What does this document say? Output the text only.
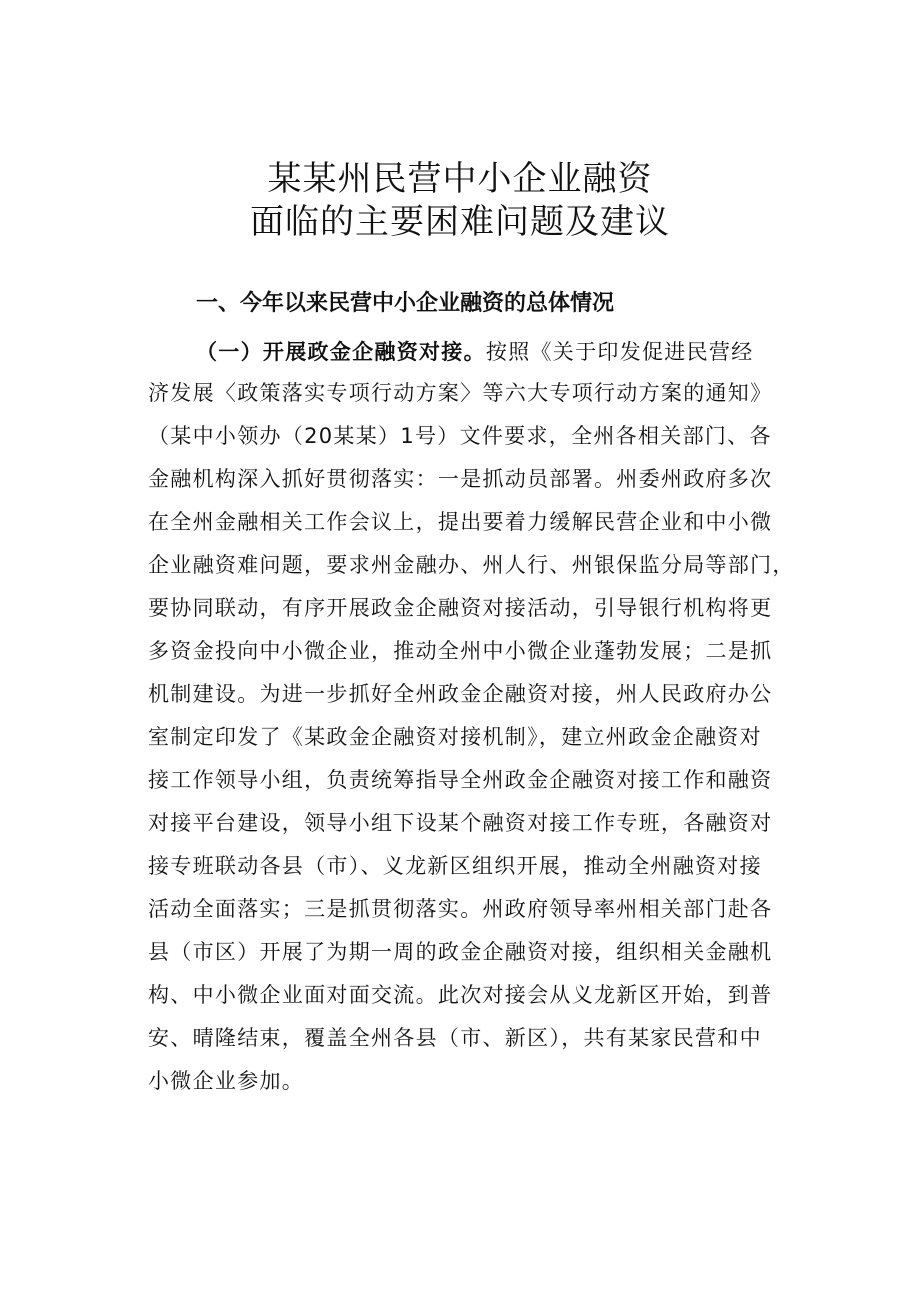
某某州民营中小企业融资
面临的主要困难问题及建议
一、今年以来民营中小企业融资的总体情况
（一）开展政金企融资对接。按照《关于印发促进民营经
济发展〈政策落实专项行动方案〉等六大专项行动方案的通知》
（某中小领办（20某某）1号）文件要求，全州各相关部门、各
金融机构深入抓好贯彻落实：一是抓动员部署。州委州政府多次
在全州金融相关工作会议上，提出要着力缓解民营企业和中小微
企业融资难问题，要求州金融办、州人行、州银保监分局等部门，
要协同联动，有序开展政金企融资对接活动，引导银行机构将更
多资金投向中小微企业，推动全州中小微企业蓬勃发展；二是抓
机制建设。为进一步抓好全州政金企融资对接，州人民政府办公
室制定印发了《某政金企融资对接机制》，建立州政金企融资对
接工作领导小组，负责统筹指导全州政金企融资对接工作和融资
对接平台建设，领导小组下设某个融资对接工作专班，各融资对
接专班联动各县（市）、义龙新区组织开展，推动全州融资对接
活动全面落实；三是抓贯彻落实。州政府领导率州相关部门赴各
县（市区）开展了为期一周的政金企融资对接，组织相关金融机
构、中小微企业面对面交流。此次对接会从义龙新区开始，到普
安、晴隆结束，覆盖全州各县（市、新区），共有某家民营和中
小微企业参加。
